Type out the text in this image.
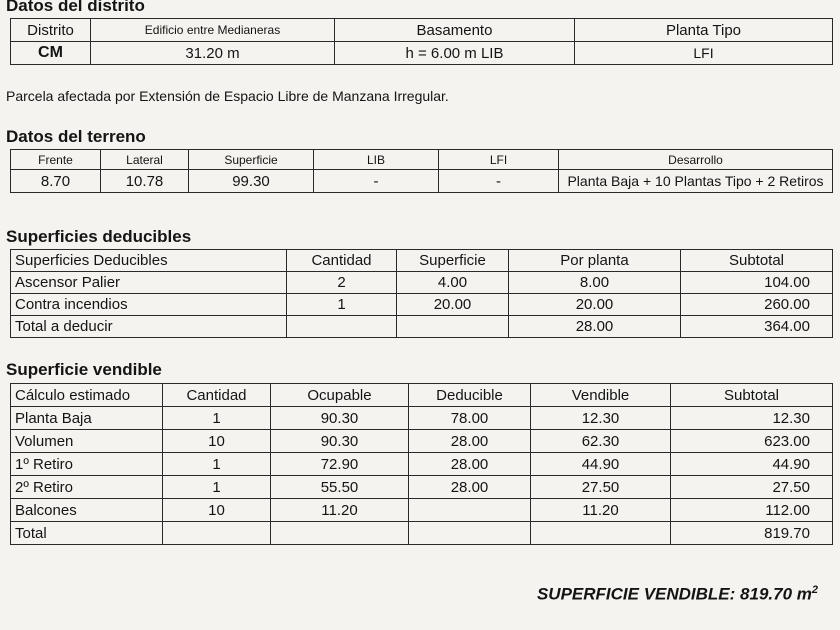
Datos del distrito
Distrito	Edificio entre Medianeras	Basamento	Planta Tipo
CM	31.20 m	h = 6.00 m LIB	LFI
Parcela afectada por Extensión de Espacio Libre de Manzana Irregular.
Datos del terreno
Frente	Lateral	Superficie	LIB	LFI	Desarrollo
8.70	10.78	99.30	-	-	Planta Baja + 10 Plantas Tipo + 2 Retiros
Superficies deducibles
Superficies Deducibles	Cantidad	Superficie	Por planta	Subtotal
Ascensor Palier	2	4.00	8.00	104.00
Contra incendios	1	20.00	20.00	260.00
Total a deducir			28.00	364.00
Superficie vendible
Cálculo estimado	Cantidad	Ocupable	Deducible	Vendible	Subtotal
Planta Baja	1	90.30	78.00	12.30	12.30
Volumen	10	90.30	28.00	62.30	623.00
1º Retiro	1	72.90	28.00	44.90	44.90
2º Retiro	1	55.50	28.00	27.50	27.50
Balcones	10	11.20		11.20	112.00
Total					819.70
SUPERFICIE VENDIBLE: 819.70 $m^2$
